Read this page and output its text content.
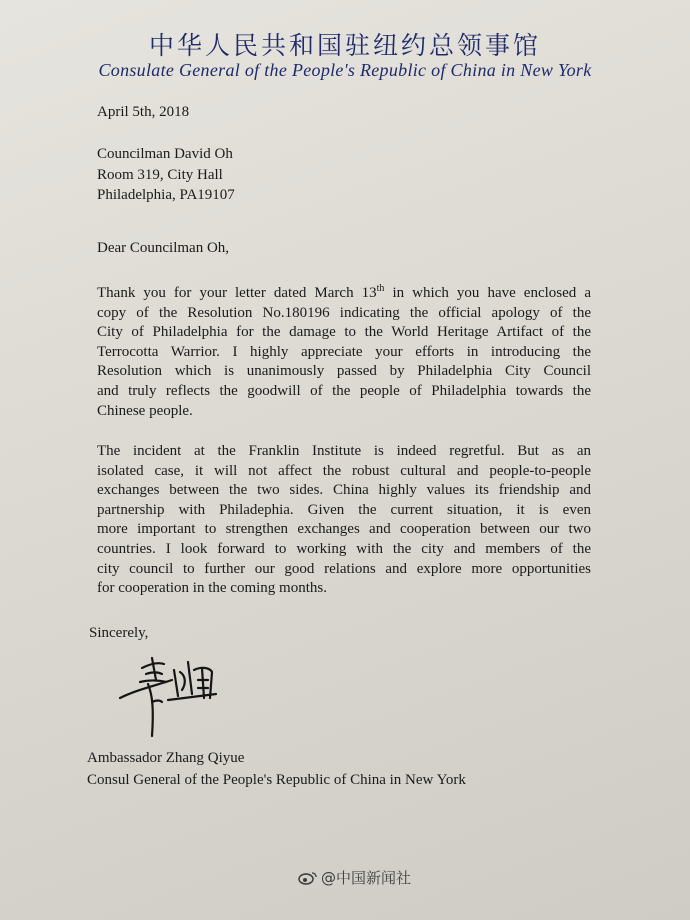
中华人民共和国驻纽约总领事馆
Consulate General of the People's Republic of China in New York
April 5th, 2018
Councilman David Oh
Room 319, City Hall
Philadelphia, PA19107
Dear Councilman Oh,
Thank you for your letter dated March 13th in which you have enclosed a
copy of the Resolution No.180196 indicating the official apology of the
City of Philadelphia for the damage to the World Heritage Artifact of the
Terrocotta Warrior. I highly appreciate your efforts in introducing the
Resolution which is unanimously passed by Philadelphia City Council
and truly reflects the goodwill of the people of Philadelphia towards the
Chinese people.
The incident at the Franklin Institute is indeed regretful. But as an
isolated case, it will not affect the robust cultural and people-to-people
exchanges between the two sides. China highly values its friendship and
partnership with Philadephia. Given the current situation, it is even
more important to strengthen exchanges and cooperation between our two
countries. I look forward to working with the city and members of the
city council to further our good relations and explore more opportunities
for cooperation in the coming months.
Sincerely,
Ambassador Zhang Qiyue
Consul General of the People's Republic of China in New York
@中国新闻社
